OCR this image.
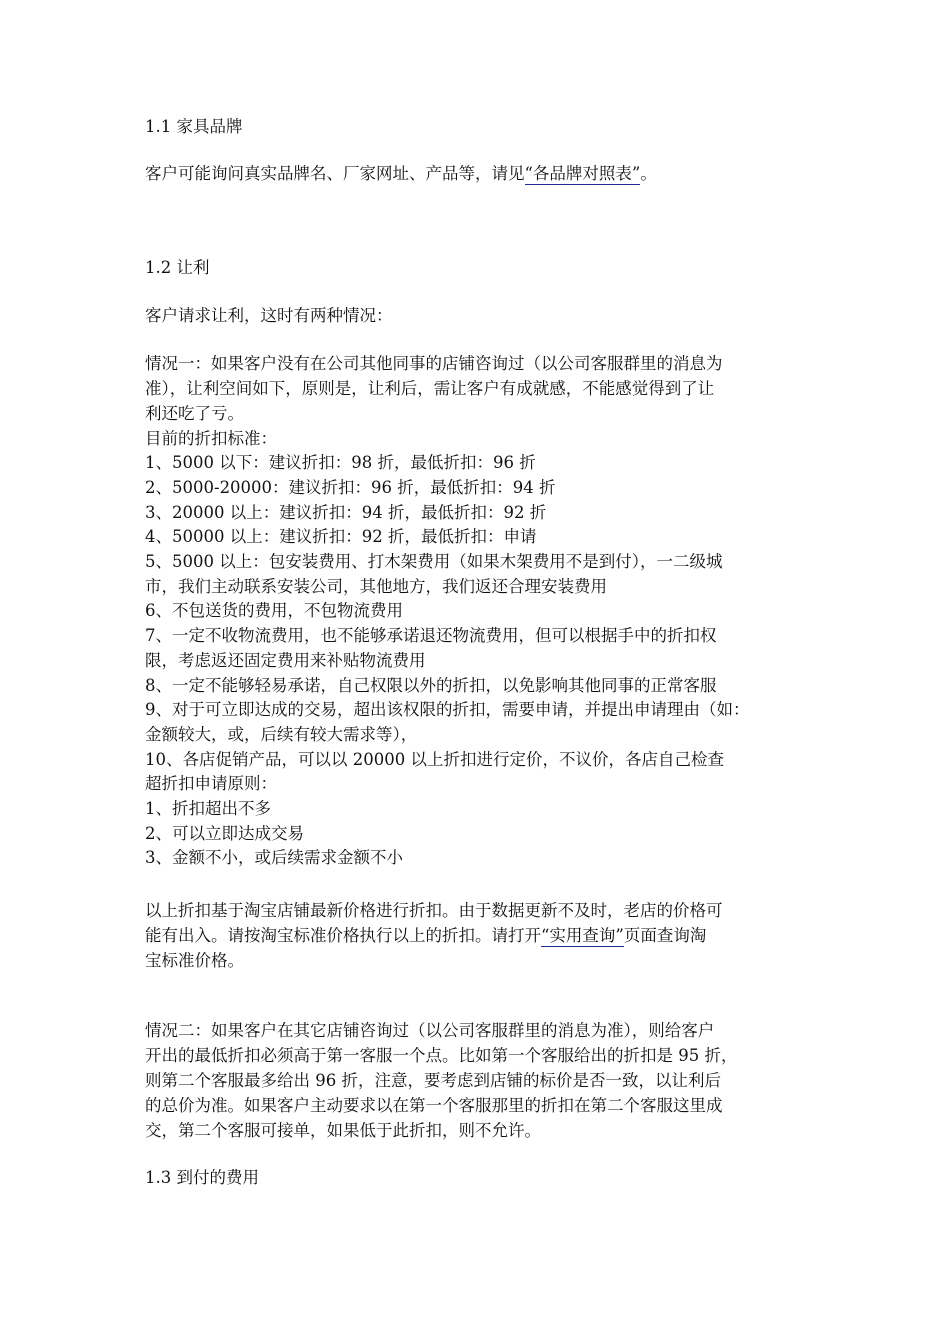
1.1 家具品牌
客户可能询问真实品牌名、厂家网址、产品等，请见“各品牌对照表”。
1.2 让利
客户请求让利，这时有两种情况：
情况一：如果客户没有在公司其他同事的店铺咨询过（以公司客服群里的消息为
准），让利空间如下，原则是，让利后，需让客户有成就感，不能感觉得到了让
利还吃了亏。
目前的折扣标准：
1、5000 以下：建议折扣：98 折，最低折扣：96 折
2、5000-20000：建议折扣：96 折，最低折扣：94 折
3、20000 以上：建议折扣：94 折，最低折扣：92 折
4、50000 以上：建议折扣：92 折，最低折扣：申请
5、5000 以上：包安装费用、打木架费用（如果木架费用不是到付），一二级城
市，我们主动联系安装公司，其他地方，我们返还合理安装费用
6、不包送货的费用，不包物流费用
7、一定不收物流费用，也不能够承诺退还物流费用，但可以根据手中的折扣权
限，考虑返还固定费用来补贴物流费用
8、一定不能够轻易承诺，自己权限以外的折扣，以免影响其他同事的正常客服
9、对于可立即达成的交易，超出该权限的折扣，需要申请，并提出申请理由（如：
金额较大，或，后续有较大需求等），
10、各店促销产品，可以以 20000 以上折扣进行定价，不议价，各店自己检查
超折扣申请原则：
1、折扣超出不多
2、可以立即达成交易
3、金额不小，或后续需求金额不小
以上折扣基于淘宝店铺最新价格进行折扣。由于数据更新不及时，老店的价格可
能有出入。请按淘宝标准价格执行以上的折扣。请打开“实用查询”页面查询淘
宝标准价格。
情况二：如果客户在其它店铺咨询过（以公司客服群里的消息为准），则给客户
开出的最低折扣必须高于第一客服一个点。比如第一个客服给出的折扣是 95 折，
则第二个客服最多给出 96 折，注意，要考虑到店铺的标价是否一致，以让利后
的总价为准。如果客户主动要求以在第一个客服那里的折扣在第二个客服这里成
交，第二个客服可接单，如果低于此折扣，则不允许。
1.3 到付的费用
